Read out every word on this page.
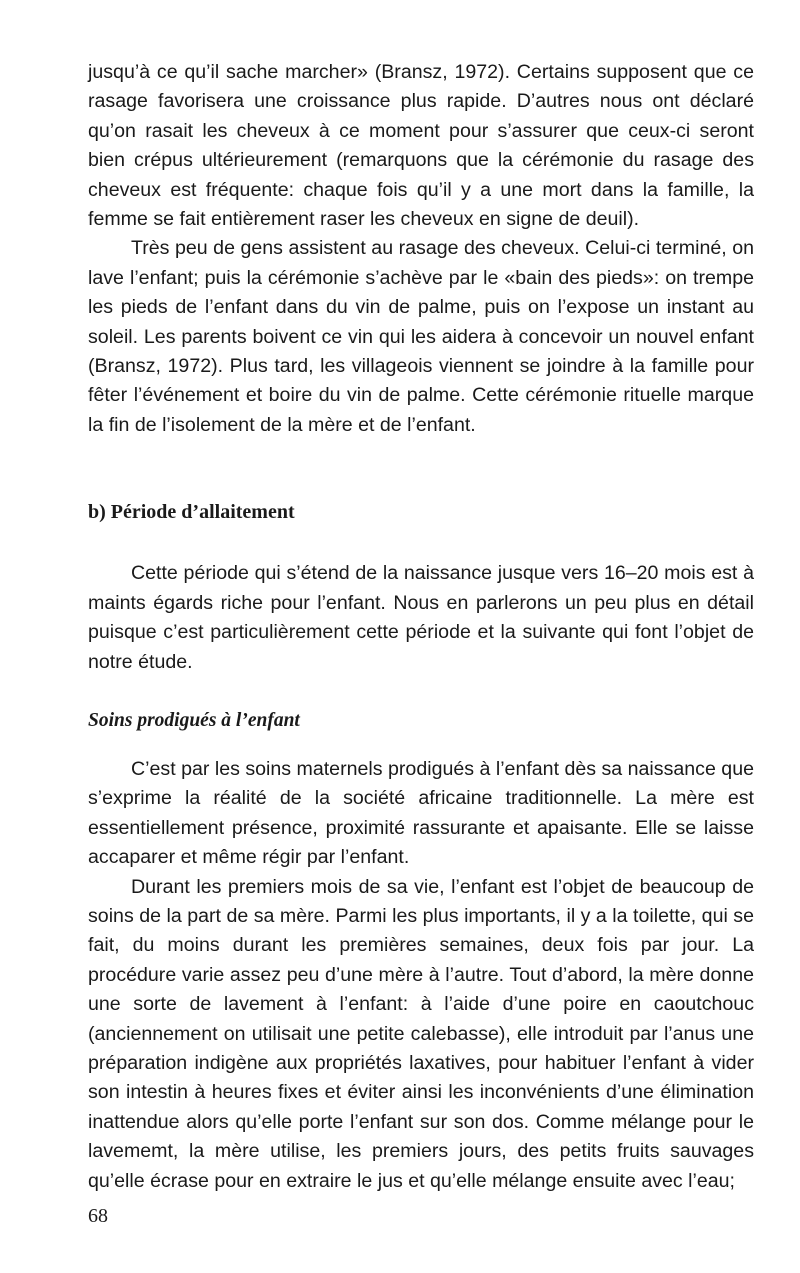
jusqu’à ce qu’il sache marcher» (Bransz, 1972). Certains supposent que ce rasage favorisera une croissance plus rapide. D’autres nous ont déclaré qu’on rasait les cheveux à ce moment pour s’assurer que ceux-ci seront bien crépus ultérieurement (remarquons que la cérémonie du rasage des cheveux est fréquente: chaque fois qu’il y a une mort dans la famille, la femme se fait entièrement raser les cheveux en signe de deuil).

Très peu de gens assistent au rasage des cheveux. Celui-ci terminé, on lave l’enfant; puis la cérémonie s’achève par le «bain des pieds»: on trempe les pieds de l’enfant dans du vin de palme, puis on l’expose un instant au soleil. Les parents boivent ce vin qui les aidera à concevoir un nouvel enfant (Bransz, 1972). Plus tard, les villageois viennent se joindre à la famille pour fêter l’événement et boire du vin de palme. Cette cérémonie rituelle marque la fin de l’isolement de la mère et de l’enfant.

b) Période d’allaitement

Cette période qui s’étend de la naissance jusque vers 16–20 mois est à maints égards riche pour l’enfant. Nous en parlerons un peu plus en détail puisque c’est particulièrement cette période et la suivante qui font l’objet de notre étude.

Soins prodigués à l’enfant

C’est par les soins maternels prodigués à l’enfant dès sa naissance que s’exprime la réalité de la société africaine traditionnelle. La mère est essentiellement présence, proximité rassurante et apaisante. Elle se laisse accaparer et même régir par l’enfant.

Durant les premiers mois de sa vie, l’enfant est l’objet de beaucoup de soins de la part de sa mère. Parmi les plus importants, il y a la toilette, qui se fait, du moins durant les premières semaines, deux fois par jour. La procédure varie assez peu d’une mère à l’autre. Tout d’abord, la mère donne une sorte de lavement à l’enfant: à l’aide d’une poire en caoutchouc (anciennement on utilisait une petite calebasse), elle introduit par l’anus une préparation indigène aux propriétés laxatives, pour habituer l’enfant à vider son intestin à heures fixes et éviter ainsi les inconvénients d’une élimination inattendue alors qu’elle porte l’enfant sur son dos. Comme mélange pour le lavememt, la mère utilise, les premiers jours, des petits fruits sauvages qu’elle écrase pour en extraire le jus et qu’elle mélange ensuite avec l’eau;

68
